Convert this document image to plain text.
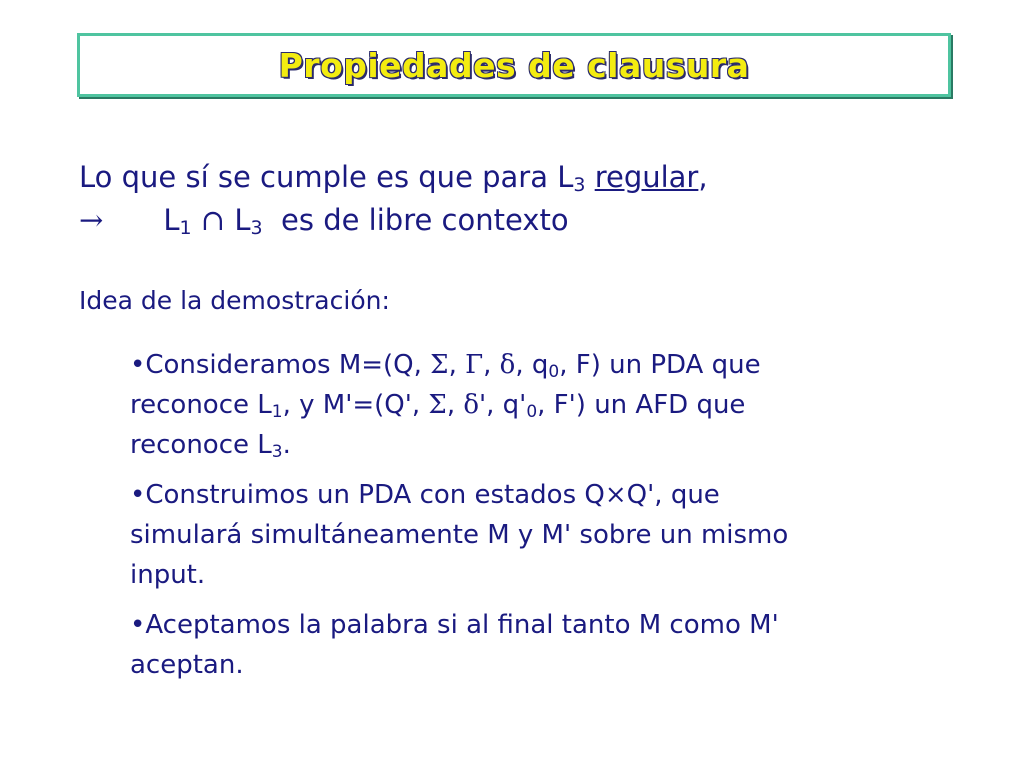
Propiedades de clausura
Lo que sí se cumple es que para $L_3$ regular,
→ $L_1$ ∩ $L_3$ es de libre contexto
Idea de la demostración:
•Consideramos M=(Q, Σ, Γ, δ, $q_0$, F) un PDA que
reconoce $L_1$, y M'=(Q', Σ, δ', $q'_0$, F') un AFD que
reconoce $L_3$.
•Construimos un PDA con estados Q×Q', que
simulará simultáneamente M y M' sobre un mismo
input.
•Aceptamos la palabra si al final tanto M como M'
aceptan.
